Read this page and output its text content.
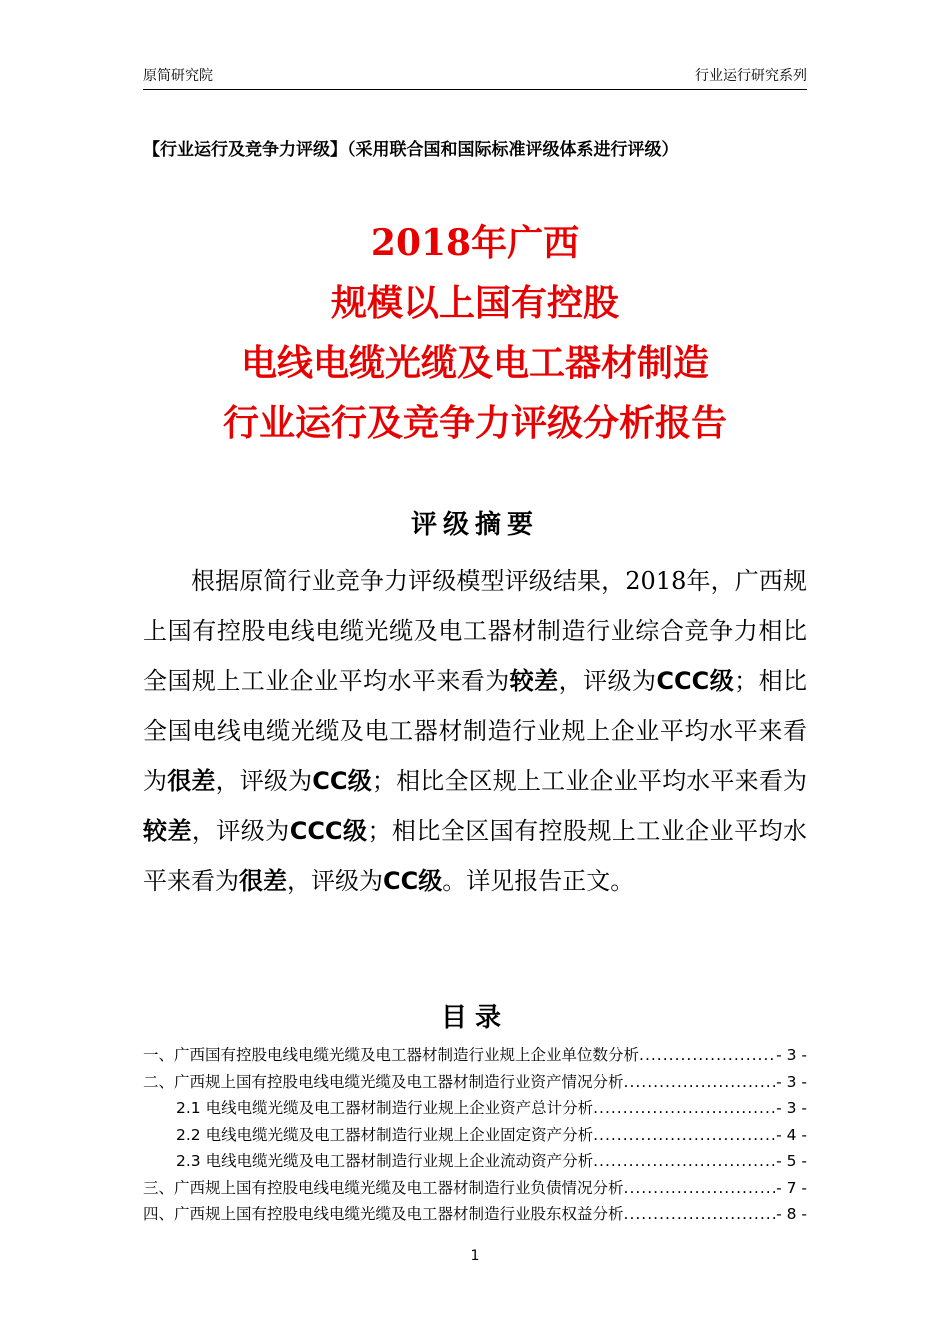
原简研究院	行业运行研究系列
【行业运行及竞争力评级】（采用联合国和国际标准评级体系进行评级）
2018年广西
规模以上国有控股
电线电缆光缆及电工器材制造
行业运行及竞争力评级分析报告
评级摘要
根据原简行业竞争力评级模型评级结果，2018年，广西规上国有控股电线电缆光缆及电工器材制造行业综合竞争力相比全国规上工业企业平均水平来看为较差，评级为CCC级；相比全国电线电缆光缆及电工器材制造行业规上企业平均水平来看为很差，评级为CC级；相比全区规上工业企业平均水平来看为较差，评级为CCC级；相比全区国有控股规上工业企业平均水平来看为很差，评级为CC级。详见报告正文。
目录
一、广西国有控股电线电缆光缆及电工器材制造行业规上企业单位数分析 .....	- 3 -
二、广西规上国有控股电线电缆光缆及电工器材制造行业资产情况分析 .....	- 3 -
2.1 电线电缆光缆及电工器材制造行业规上企业资产总计分析 .....	- 3 -
2.2 电线电缆光缆及电工器材制造行业规上企业固定资产分析 .....	- 4 -
2.3 电线电缆光缆及电工器材制造行业规上企业流动资产分析 .....	- 5 -
三、广西规上国有控股电线电缆光缆及电工器材制造行业负债情况分析 .....	- 7 -
四、广西规上国有控股电线电缆光缆及电工器材制造行业股东权益分析 .....	- 8 -
1
